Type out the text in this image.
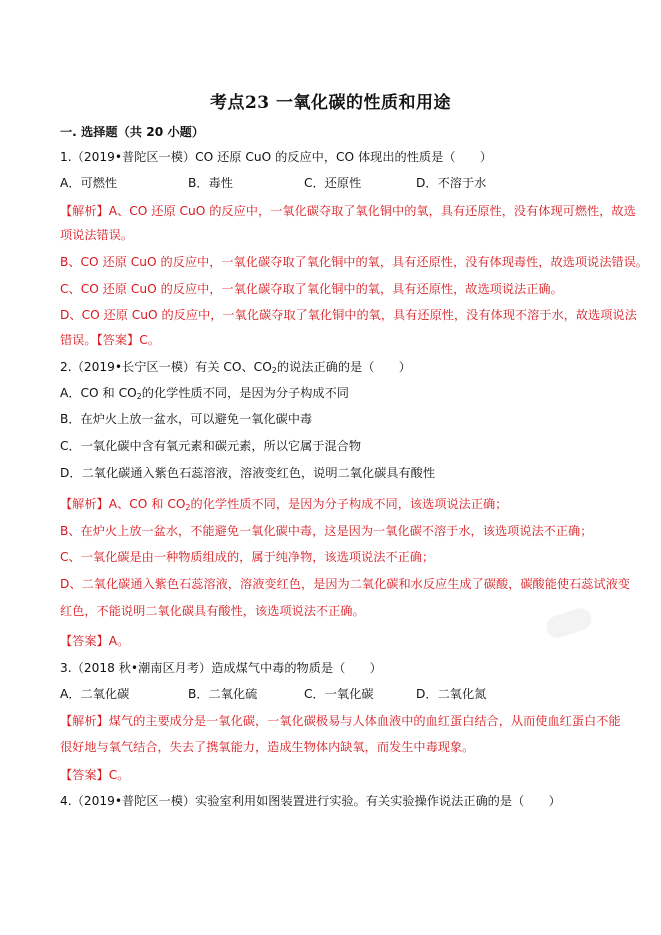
考点23 一氧化碳的性质和用途
一. 选择题（共 20 小题）
1.（2019•普陀区一模）CO 还原 CuO 的反应中，CO 体现出的性质是（　　）
A．可燃性	B．毒性	C．还原性	D．不溶于水
【解析】A、CO 还原 CuO 的反应中，一氧化碳夺取了氧化铜中的氧，具有还原性，没有体现可燃性，故选
项说法错误。
B、CO 还原 CuO 的反应中，一氧化碳夺取了氧化铜中的氧，具有还原性，没有体现毒性，故选项说法错误。
C、CO 还原 CuO 的反应中，一氧化碳夺取了氧化铜中的氧，具有还原性，故选项说法正确。
D、CO 还原 CuO 的反应中，一氧化碳夺取了氧化铜中的氧，具有还原性，没有体现不溶于水，故选项说法
错误。【答案】C。
2.（2019•长宁区一模）有关 CO、$CO_2$的说法正确的是（　　）
A．CO 和 $CO_2$的化学性质不同，是因为分子构成不同
B．在炉火上放一盆水，可以避免一氧化碳中毒
C．一氧化碳中含有氧元素和碳元素，所以它属于混合物
D．二氧化碳通入紫色石蕊溶液，溶液变红色，说明二氧化碳具有酸性
【解析】A、CO 和 $CO_2$的化学性质不同，是因为分子构成不同，该选项说法正确；
B、在炉火上放一盆水，不能避免一氧化碳中毒，这是因为一氧化碳不溶于水，该选项说法不正确；
C、一氧化碳是由一种物质组成的，属于纯净物，该选项说法不正确；
D、二氧化碳通入紫色石蕊溶液，溶液变红色，是因为二氧化碳和水反应生成了碳酸，碳酸能使石蕊试液变
红色，不能说明二氧化碳具有酸性，该选项说法不正确。
【答案】A。
3.（2018 秋•潮南区月考）造成煤气中毒的物质是（　　）
A．二氧化碳	B．二氧化硫	C．一氧化碳	D．二氧化氮
【解析】煤气的主要成分是一氧化碳，一氧化碳极易与人体血液中的血红蛋白结合，从而使血红蛋白不能
很好地与氧气结合，失去了携氧能力，造成生物体内缺氧，而发生中毒现象。
【答案】C。
4.（2019•普陀区一模）实验室利用如图装置进行实验。有关实验操作说法正确的是（　　）
